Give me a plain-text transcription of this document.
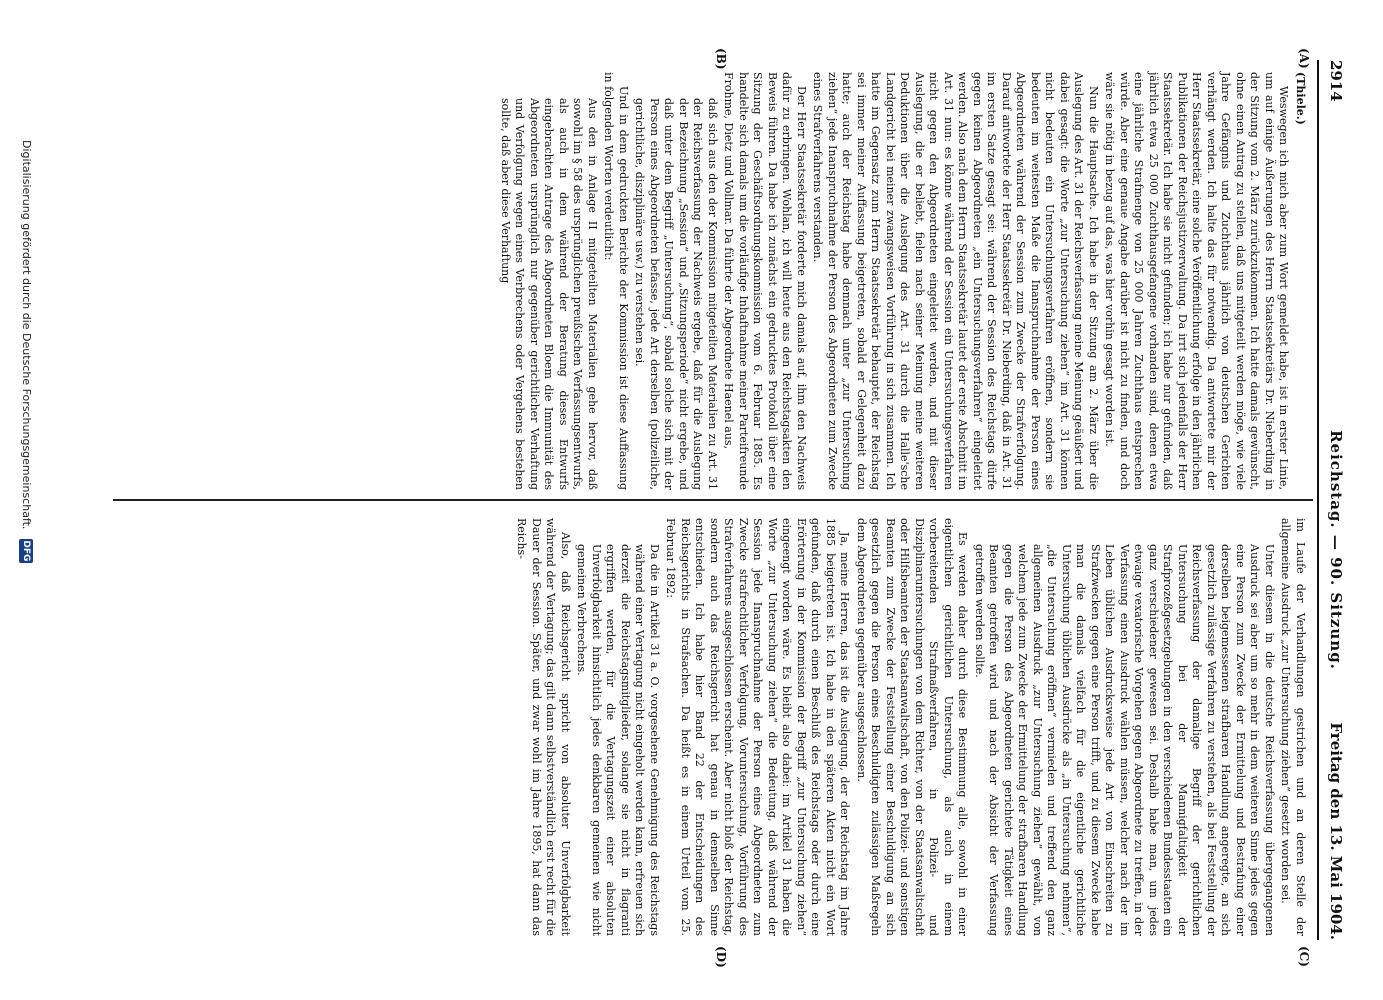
2914
Reichstag. — 90. Sitzung.
Freitag den 13. Mai 1904.
(A)
(B)
(C)
(D)

(Thiele.)

Weswegen ich mich aber zum Wort gemeldet habe, ist in erster Linie, um auf einige Äußerungen des Herrn Staatssekretärs Dr. Nieberding in der Sitzung vom 2. März zurückzukommen. Ich hatte damals gewünscht, ohne einen Antrag zu stellen, daß uns mitgeteilt werden möge, wie viele Jahre Gefängnis und Zuchthaus jährlich von deutschen Gerichten verhängt werden. Ich halte das für notwendig. Da antwortete mir der Herr Staatssekretär, eine solche Veröffentlichung erfolge in den jährlichen Publikationen der Reichsjustizverwaltung. Da irrt sich jedenfalls der Herr Staatssekretär. Ich habe sie nicht gefunden; ich habe nur gefunden, daß jährlich etwa 25 000 Zuchthausgefangene vorhanden sind, denen etwa eine jährliche Strafmenge von 25 000 Jahren Zuchthaus entsprechen würde. Aber eine genaue Angabe darüber ist nicht zu finden, und doch wäre sie nötig in bezug auf das, was hier vorhin gesagt worden ist.

Nun die Hauptsache. Ich habe in der Sitzung am 2. März über die Auslegung des Art. 31 der Reichsverfassung meine Meinung geäußert und dabei gesagt: die Worte „zur Untersuchung ziehen“ im Art. 31 können nicht bedeuten ein Untersuchungsverfahren eröffnen, sondern sie bedeuten im weitesten Maße die Inanspruchnahme der Person eines Abgeordneten während der Session zum Zwecke der Strafverfolgung. Darauf antwortete der Herr Staatssekretär Dr. Nieberding, daß in Art. 31 im ersten Satze gesagt sei: während der Session des Reichstags dürfe gegen keinen Abgeordneten „ein Untersuchungsverfahren“ eingeleitet werden. Also nach dem Herrn Staatssekretär lautet der erste Abschnitt im Art. 31 nun: es könne während der Session ein Untersuchungsverfahren nicht gegen den Abgeordneten eingeleitet werden, und mit dieser Auslegung, die er beliebt, fielen nach seiner Meinung meine weiteren Deduktionen über die Auslegung des Art. 31 durch die Halle'sche Landgericht bei meiner zwangsweisen Vorführung in sich zusammen. Ich hatte im Gegensatz zum Herrn Staatssekretär behauptet, der Reichstag sei immer meiner Auffassung beigetreten, sobald er Gelegenheit dazu hatte; auch der Reichstag habe demnach unter „zur Untersuchung ziehen“ jede Inanspruchnahme der Person des Abgeordneten zum Zwecke eines Strafverfahrens verstanden.

Der Herr Staatssekretär forderte mich damals auf, ihm den Nachweis dafür zu erbringen. Wohlan, ich will heute aus den Reichstagsakten den Beweis führen. Da habe ich zunächst ein gedrucktes Protokoll über eine Sitzung der Geschäftsordnungskommission vom 6. Februar 1885. Es handelte sich damals um die vorläufige Inhaftnahme meiner Parteifreunde Frohme, Dietz und Vollmar. Da führte der Abgeordnete Haenel aus,

daß sich aus den der Kommission mitgeteilten Materialien zu Art. 31 der Reichsverfassung der Nachweis ergebe, daß für die Auslegung der Bezeichnung „Session“ und „Sitzungsperiode“ nicht ergebe, und daß unter dem Begriff „Untersuchung“, sobald solche sich mit der Person eines Abgeordneten befasse, jede Art derselben (polizeiliche, gerichtliche, disziplinäre usw.) zu verstehen sei.

Und in dem gedruckten Berichte der Kommission ist diese Auffassung in folgenden Worten verdeutlicht:

Aus den in Anlage II mitgeteilten Materialien gehe hervor, daß sowohl im § 58 des ursprünglichen preußischen Verfassungsentwurfs, als auch in dem während der Beratung dieses Entwurfs eingebrachten Antrage des Abgeordneten Bloem die Immunität des Abgeordneten ursprünglich nur gegenüber gerichtlicher Verhaftung und Verfolgung wegen eines Verbrechens oder Vergehens bestehen sollte, daß aber diese Verhaftung

im Laufe der Verhandlungen gestrichen und an deren Stelle der allgemeine Ausdruck „zur Untersuchung ziehen“ gesetzt worden sei.

Unter diesem in die deutsche Reichsverfassung übergegangenen Ausdruck sei aber um so mehr in dem weiteren Sinne jedes gegen eine Person zum Zwecke der Ermittelung und Bestrafung einer derselben beigemessenen strafbaren Handlung angeregte, an sich gesetzlich zulässige Verfahren zu verstehen, als bei Feststellung der Reichsverfassung der damalige Begriff der gerichtlichen Untersuchung bei der Mannigfaltigkeit der Strafprozeßgesetzgebungen in den verschiedenen Bundesstaaten ein ganz verschiedener gewesen sei. Deshalb habe man, um jedes etwaige vexatorische Vorgehen gegen Abgeordnete zu treffen, in der Verfassung einen Ausdruck wählen müssen, welcher nach der im Leben üblichen Ausdrucksweise jede Art von Einschreiten zu Strafzwecken gegen eine Person trifft, und zu diesem Zwecke habe man die damals vielfach für die eigentliche gerichtliche Untersuchung üblichen Ausdrücke als „in Untersuchung nehmen“, „die Untersuchung eröffnen“ vermieden und treffend den ganz allgemeinen Ausdruck „zur Untersuchung ziehen“ gewählt, von welchem jede zum Zwecke der Ermittelung der strafbaren Handlung gegen die Person des Abgeordneten gerichtete Tätigkeit eines Beamten getroffen wird und nach der Absicht der Verfassung getroffen werden sollte.

Es werden daher durch diese Bestimmung alle, sowohl in einer eigentlichen gerichtlichen Untersuchung, als auch in einem vorbereitenden Strafmaßverfahren, in Polizei- und Disziplinaruntersuchungen von dem Richter, von der Staatsanwaltschaft oder Hilfsbeamten der Staatsanwaltschaft, von den Polizei- und sonstigen Beamten zum Zwecke der Feststellung einer Beschuldigung an sich gesetzlich gegen die Person eines Beschuldigten zulässigen Maßregeln dem Abgeordneten gegenüber ausgeschlossen.

Ja, meine Herren, das ist die Auslegung, der der Reichstag im Jahre 1885 beigetreten ist. Ich habe in den späteren Akten nicht ein Wort gefunden, daß durch einen Beschluß des Reichstags oder durch eine Erörterung in der Kommission der Begriff „zur Untersuchung ziehen“ eingeengt worden wäre. Es bleibt also dabei: im Artikel 31 haben die Worte „zur Untersuchung ziehen“ die Bedeutung, daß während der Session jede Inanspruchnahme der Person eines Abgeordneten zum Zwecke strafrechtlicher Verfolgung, Voruntersuchung, Vorführung des Strafverfahrens ausgeschlossen erscheint. Aber nicht bloß der Reichstag, sondern auch das Reichsgericht hat genau in demselben Sinne entschieden. Ich habe hier Band 22 der Entscheidungen des Reichsgerichts in Strafsachen. Da heißt es in einem Urteil vom 25. Februar 1892:

Da die in Artikel 31 a. O. vorgesehene Genehmigung des Reichstags während einer Vertagung nicht eingeholt werden kann, erfreuen sich derzeit die Reichstagsmitglieder, solange sie nicht in flagranti ergriffen werden, für die Vertagungszeit einer absoluten Unverfolgbarkeit hinsichtlich jedes denkbaren gemeinen wie nicht gemeinen Verbrechens.

Also, daß Reichsgericht spricht von absoluter Unverfolgbarkeit während der Vertagung; das gilt dann selbstverständlich erst recht für die Dauer der Session. Später, und zwar wohl im Jahre 1895, hat dann das Reichs-

Digitalisierung gefördert durch die Deutsche Forschungsgemeinschaft. DFG
